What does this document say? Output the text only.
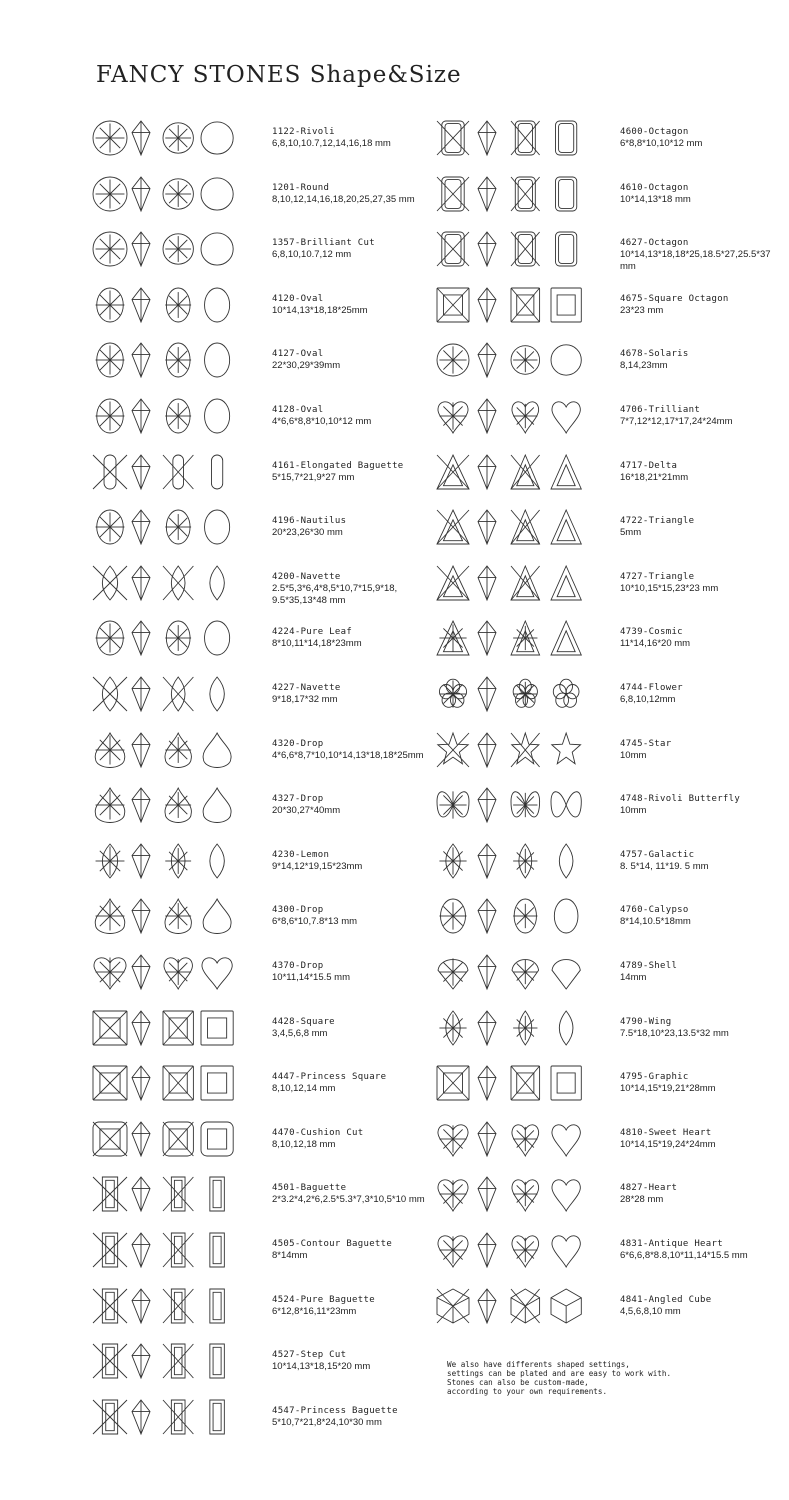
FANCY STONES Shape&Size
1122-Rivoli
6,8,10,10.7,12,14,16,18 mm
1201-Round
8,10,12,14,16,18,20,25,27,35 mm
1357-Brilliant Cut
6,8,10,10.7,12 mm
4120-Oval
10*14,13*18,18*25mm
4127-Oval
22*30,29*39mm
4128-Oval
4*6,6*8,8*10,10*12 mm
4161-Elongated Baguette
5*15,7*21,9*27 mm
4196-Nautilus
20*23,26*30 mm
4200-Navette
2.5*5,3*6,4*8,5*10,7*15,9*18, 9.5*35,13*48 mm
4224-Pure Leaf
8*10,11*14,18*23mm
4227-Navette
9*18,17*32 mm
4320-Drop
4*6,6*8,7*10,10*14,13*18,18*25mm
4327-Drop
20*30,27*40mm
4230-Lemon
9*14,12*19,15*23mm
4300-Drop
6*8,6*10,7.8*13 mm
4370-Drop
10*11,14*15.5 mm
4428-Square
3,4,5,6,8 mm
4447-Princess Square
8,10,12,14 mm
4470-Cushion Cut
8,10,12,18 mm
4501-Baguette
2*3.2*4,2*6,2.5*5.3*7,3*10,5*10 mm
4505-Contour Baguette
8*14mm
4524-Pure Baguette
6*12,8*16,11*23mm
4527-Step Cut
10*14,13*18,15*20 mm
4547-Princess Baguette
5*10,7*21,8*24,10*30 mm
4600-Octagon
6*8,8*10,10*12 mm
4610-Octagon
10*14,13*18 mm
4627-Octagon
10*14,13*18,18*25,18.5*27,25.5*37 mm
4675-Square Octagon
23*23 mm
4678-Solaris
8,14,23mm
4706-Trilliant
7*7,12*12,17*17,24*24mm
4717-Delta
16*18,21*21mm
4722-Triangle
5mm
4727-Triangle
10*10,15*15,23*23 mm
4739-Cosmic
11*14,16*20 mm
4744-Flower
6,8,10,12mm
4745-Star
10mm
4748-Rivoli Butterfly
10mm
4757-Galactic
8. 5*14, 11*19. 5 mm
4760-Calypso
8*14,10.5*18mm
4789-Shell
14mm
4790-Wing
7.5*18,10*23,13.5*32 mm
4795-Graphic
10*14,15*19,21*28mm
4810-Sweet Heart
10*14,15*19,24*24mm
4827-Heart
28*28 mm
4831-Antique Heart
6*6,6,8*8.8,10*11,14*15.5 mm
4841-Angled Cube
4,5,6,8,10 mm
We also have differents shaped settings,
settings can be plated and are easy to work with.
Stones can also be custom-made,
according to your own requirements.
